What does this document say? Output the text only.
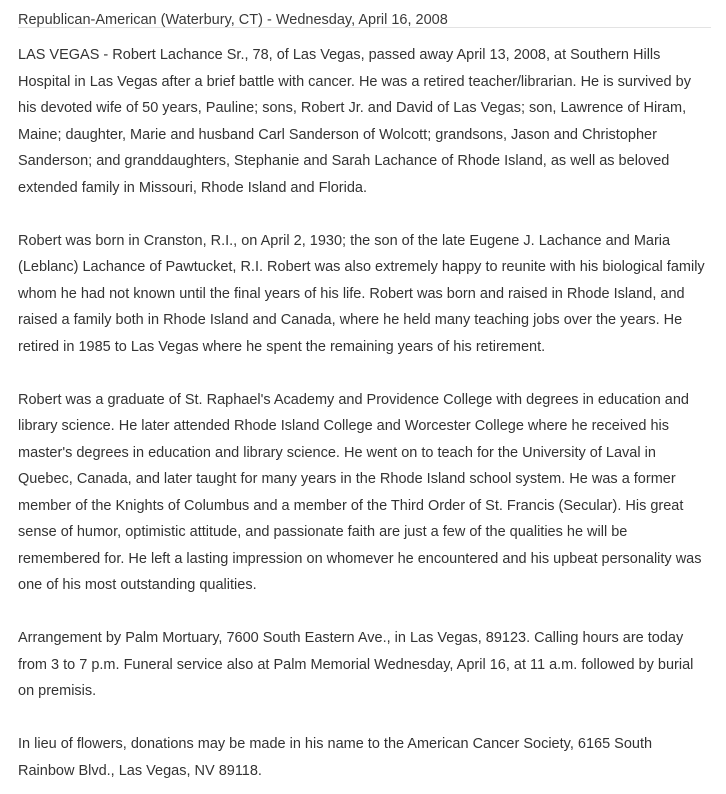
Republican-American (Waterbury, CT) - Wednesday, April 16, 2008

LAS VEGAS - Robert Lachance Sr., 78, of Las Vegas, passed away April 13, 2008, at Southern Hills Hospital in Las Vegas after a brief battle with cancer. He was a retired teacher/librarian. He is survived by his devoted wife of 50 years, Pauline; sons, Robert Jr. and David of Las Vegas; son, Lawrence of Hiram, Maine; daughter, Marie and husband Carl Sanderson of Wolcott; grandsons, Jason and Christopher Sanderson; and granddaughters, Stephanie and Sarah Lachance of Rhode Island, as well as beloved extended family in Missouri, Rhode Island and Florida.

Robert was born in Cranston, R.I., on April 2, 1930; the son of the late Eugene J. Lachance and Maria (Leblanc) Lachance of Pawtucket, R.I. Robert was also extremely happy to reunite with his biological family whom he had not known until the final years of his life. Robert was born and raised in Rhode Island, and raised a family both in Rhode Island and Canada, where he held many teaching jobs over the years. He retired in 1985 to Las Vegas where he spent the remaining years of his retirement.

Robert was a graduate of St. Raphael's Academy and Providence College with degrees in education and library science. He later attended Rhode Island College and Worcester College where he received his master's degrees in education and library science. He went on to teach for the University of Laval in Quebec, Canada, and later taught for many years in the Rhode Island school system. He was a former member of the Knights of Columbus and a member of the Third Order of St. Francis (Secular). His great sense of humor, optimistic attitude, and passionate faith are just a few of the qualities he will be remembered for. He left a lasting impression on whomever he encountered and his upbeat personality was one of his most outstanding qualities.

Arrangement by Palm Mortuary, 7600 South Eastern Ave., in Las Vegas, 89123. Calling hours are today from 3 to 7 p.m. Funeral service also at Palm Memorial Wednesday, April 16, at 11 a.m. followed by burial on premisis.

In lieu of flowers, donations may be made in his name to the American Cancer Society, 6165 South Rainbow Blvd., Las Vegas, NV 89118.
